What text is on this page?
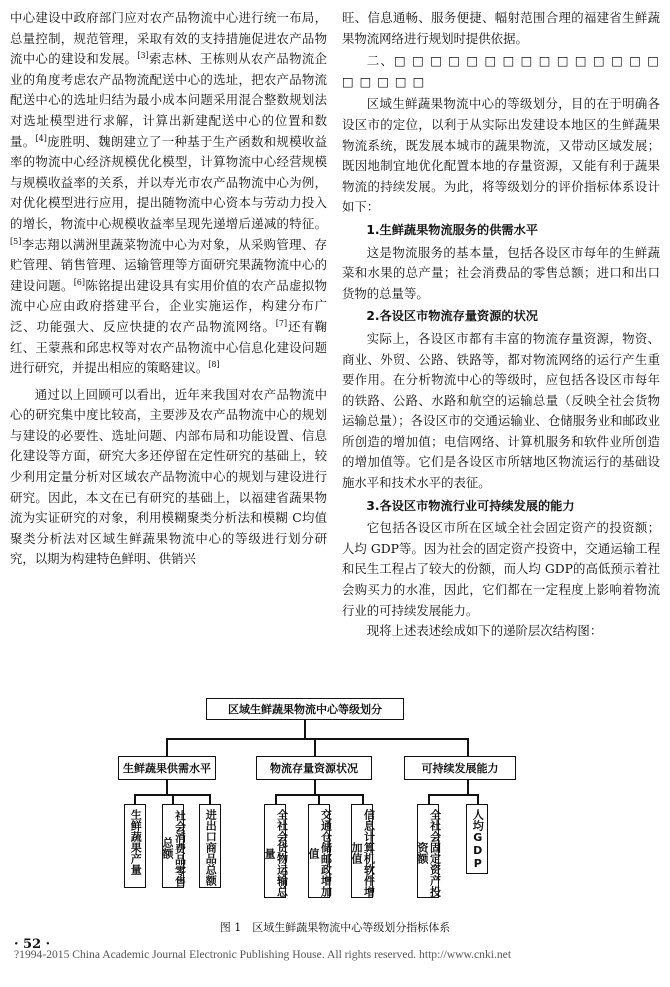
中心建设中政府部门应对农产品物流中心进行统一布局，总量控制，规范管理，采取有效的支持措施促进农产品物流中心的建设和发展。[3]索志林、王栋则从农产品物流企业的角度考虑农产品物流配送中心的选址，把农产品物流配送中心的选址归结为最小成本问题采用混合整数规划法对选址模型进行求解，计算出新建配送中心的位置和数量。[4]庞胜明、魏朗建立了一种基于生产函数和规模收益率的物流中心经济规模优化模型，计算物流中心经营规模与规模收益率的关系，并以寿光市农产品物流中心为例，对优化模型进行应用，提出随物流中心资本与劳动力投入的增长，物流中心规模收益率呈现先递增后递减的特征。[5]李志翔以满洲里蔬菜物流中心为对象，从采购管理、存贮管理、销售管理、运输管理等方面研究果蔬物流中心的建设问题。[6]陈铭提出建设具有实用价值的农产品虚拟物流中心应由政府搭建平台，企业实施运作，构建分布广泛、功能强大、反应快捷的农产品物流网络。[7]还有鞠红、王蒙燕和邱忠权等对农产品物流中心信息化建设问题进行研究，并提出相应的策略建议。[8]

通过以上回顾可以看出，近年来我国对农产品物流中心的研究集中度比较高，主要涉及农产品物流中心的规划与建设的必要性、选址问题、内部布局和功能设置、信息化建设等方面，研究大多还停留在定性研究的基础上，较少利用定量分析对区域农产品物流中心的规划与建设进行研究。因此，本文在已有研究的基础上，以福建省蔬果物流为实证研究的对象，利用模糊聚类分析法和模糊 C均值聚类分析法对区域生鲜蔬果物流中心的等级进行划分研究，以期为构建特色鲜明、供销兴

旺、信息通畅、服务便捷、幅射范围合理的福建省生鲜蔬果物流网络进行规划时提供依据。

二、□ □ □ □ □ □ □ □ □ □ □ □ □ □ □ □ □ □ □ □

区域生鲜蔬果物流中心的等级划分，目的在于明确各设区市的定位，以利于从实际出发建设本地区的生鲜蔬果物流系统，既发展本城市的蔬果物流，又带动区域发展；既因地制宜地优化配置本地的存量资源，又能有利于蔬果物流的持续发展。为此，将等级划分的评价指标体系设计如下：

1.生鲜蔬果物流服务的供需水平

这是物流服务的基本量，包括各设区市每年的生鲜蔬菜和水果的总产量；社会消费品的零售总额；进口和出口货物的总量等。

2.各设区市物流存量资源的状况

实际上，各设区市都有丰富的物流存量资源，物资、商业、外贸、公路、铁路等，都对物流网络的运行产生重要作用。在分析物流中心的等级时，应包括各设区市每年的铁路、公路、水路和航空的运输总量（反映全社会货物运输总量）；各设区市的交通运输业、仓储服务业和邮政业所创造的增加值；电信网络、计算机服务和软件业所创造的增加值等。它们是各设区市所辖地区物流运行的基础设施水平和技术水平的表征。

3.各设区市物流行业可持续发展的能力

它包括各设区市所在区域全社会固定资产的投资额；人均 GDP等。因为社会的固定资产投资中，交通运输工程和民生工程占了较大的份额，而人均 GDP的高低预示着社会购买力的水准，因此，它们都在一定程度上影响着物流行业的可持续发展能力。

现将上述表述绘成如下的递阶层次结构图：

区域生鲜蔬果物流中心等级划分
生鲜蔬果供需水平
生鲜蔬果产量	社会消费品零售总额	进出口商品总额
物流存量资源状况
全社会货物运输总量	交通仓储邮政增加值	信息计算机软件增加值
可持续发展能力
全社会固定资产投资额	人均GDP
图 1　区域生鲜蔬果物流中心等级划分指标体系
· 52 ·
?1994-2015 China Academic Journal Electronic Publishing House. All rights reserved. http://www.cnki.net
